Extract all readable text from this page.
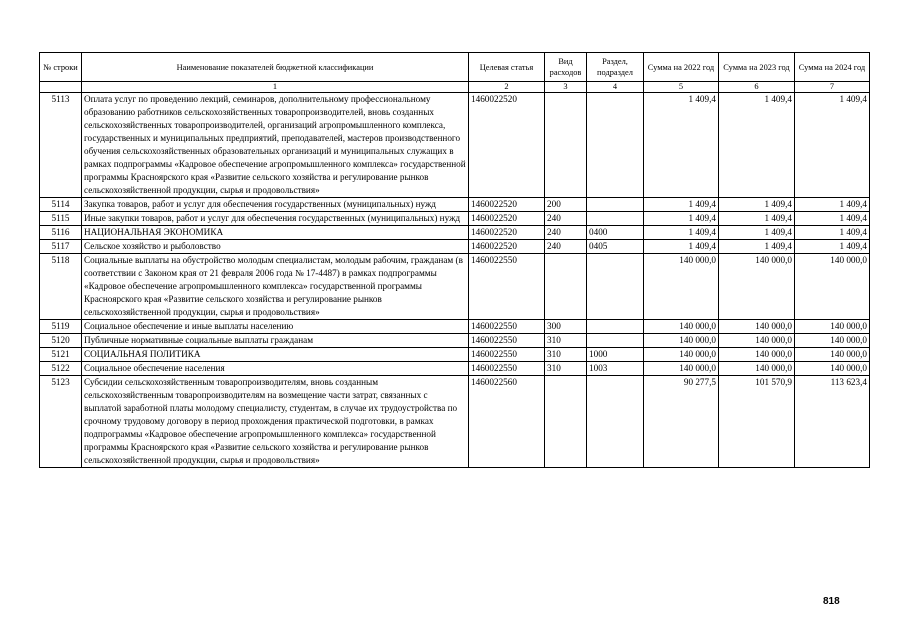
№ строки	Наименование показателей бюджетной классификации	Целевая статья	Вид расходов	Раздел, подраздел	Сумма на 2022 год	Сумма на 2023 год	Сумма на 2024 год
	1	2	3	4	5	6	7
5113	Оплата услуг по проведению лекций, семинаров, дополнительному профессиональному образованию работников сельскохозяйственных товаропроизводителей, вновь созданных сельскохозяйственных товаропроизводителей, организаций агропромышленного комплекса, государственных и муниципальных предприятий, преподавателей, мастеров производственного обучения сельскохозяйственных образовательных организаций и муниципальных служащих в рамках подпрограммы «Кадровое обеспечение агропромышленного комплекса» государственной программы Красноярского края «Развитие сельского хозяйства и регулирование рынков сельскохозяйственной продукции, сырья и продовольствия»	1460022520			1 409,4	1 409,4	1 409,4
5114	Закупка товаров, работ и услуг для обеспечения государственных (муниципальных) нужд	1460022520	200		1 409,4	1 409,4	1 409,4
5115	Иные закупки товаров, работ и услуг для обеспечения государственных (муниципальных) нужд	1460022520	240		1 409,4	1 409,4	1 409,4
5116	НАЦИОНАЛЬНАЯ ЭКОНОМИКА	1460022520	240	0400	1 409,4	1 409,4	1 409,4
5117	Сельское хозяйство и рыболовство	1460022520	240	0405	1 409,4	1 409,4	1 409,4
5118	Социальные выплаты на обустройство молодым специалистам, молодым рабочим, гражданам (в соответствии с Законом края от 21 февраля 2006 года № 17-4487) в рамках подпрограммы «Кадровое обеспечение агропромышленного комплекса» государственной программы Красноярского края «Развитие сельского хозяйства и регулирование рынков сельскохозяйственной продукции, сырья и продовольствия»	1460022550			140 000,0	140 000,0	140 000,0
5119	Социальное обеспечение и иные выплаты населению	1460022550	300		140 000,0	140 000,0	140 000,0
5120	Публичные нормативные социальные выплаты гражданам	1460022550	310		140 000,0	140 000,0	140 000,0
5121	СОЦИАЛЬНАЯ ПОЛИТИКА	1460022550	310	1000	140 000,0	140 000,0	140 000,0
5122	Социальное обеспечение населения	1460022550	310	1003	140 000,0	140 000,0	140 000,0
5123	Субсидии сельскохозяйственным товаропроизводителям, вновь созданным сельскохозяйственным товаропроизводителям на возмещение части затрат, связанных с выплатой заработной платы молодому специалисту, студентам, в случае их трудоустройства по срочному трудовому договору в период прохождения практической подготовки, в рамках подпрограммы «Кадровое обеспечение агропромышленного комплекса» государственной программы Красноярского края «Развитие сельского хозяйства и регулирование рынков сельскохозяйственной продукции, сырья и продовольствия»	1460022560			90 277,5	101 570,9	113 623,4
818
